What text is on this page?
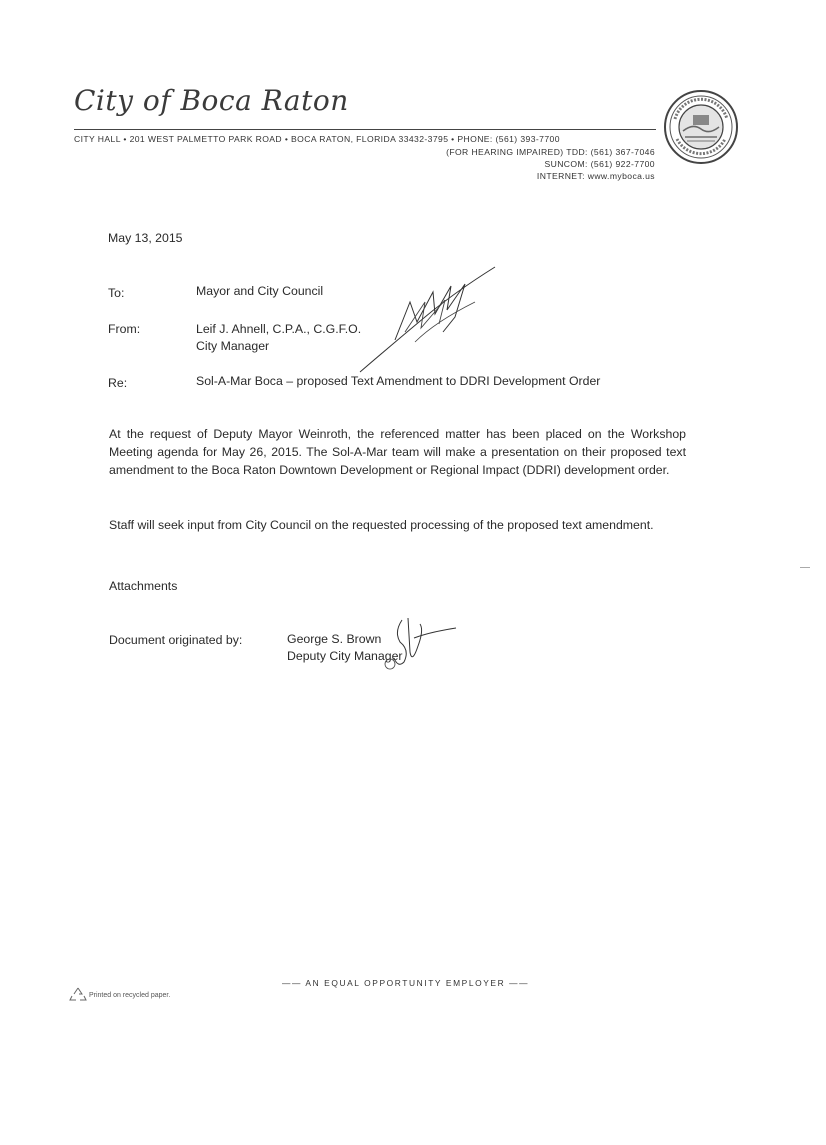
City of Boca Raton
CITY HALL • 201 WEST PALMETTO PARK ROAD • BOCA RATON, FLORIDA 33432-3795 • PHONE: (561) 393-7700
(FOR HEARING IMPAIRED) TDD: (561) 367-7046
SUNCOM: (561) 922-7700
INTERNET: www.myboca.us
May 13, 2015
To:	Mayor and City Council
From:	Leif J. Ahnell, C.P.A., C.G.F.O.
City Manager
Re:	Sol-A-Mar Boca – proposed Text Amendment to DDRI Development Order
At the request of Deputy Mayor Weinroth, the referenced matter has been placed on the Workshop Meeting agenda for May 26, 2015. The Sol-A-Mar team will make a presentation on their proposed text amendment to the Boca Raton Downtown Development or Regional Impact (DDRI) development order.
Staff will seek input from City Council on the requested processing of the proposed text amendment.
Attachments
Document originated by:	George S. Brown
Deputy City Manager
—— AN EQUAL OPPORTUNITY EMPLOYER ——
Printed on recycled paper.
